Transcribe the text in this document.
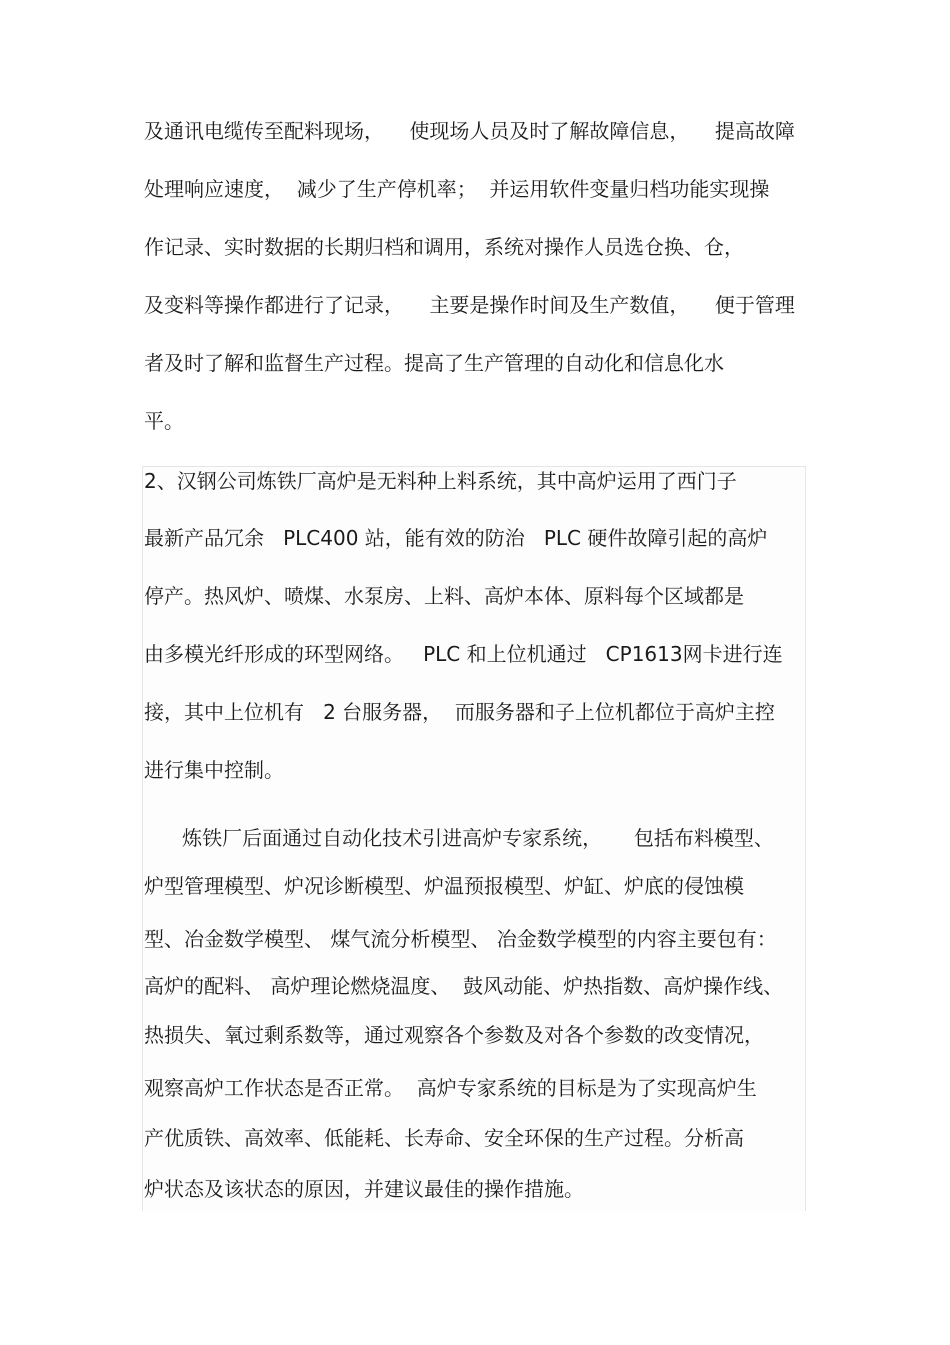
及通讯电缆传至配料现场，    使现场人员及时了解故障信息，    提高故障

处理响应速度，  减少了生产停机率；  并运用软件变量归档功能实现操

作记录、实时数据的长期归档和调用，系统对操作人员选仓换、仓，

及变料等操作都进行了记录，    主要是操作时间及生产数值，    便于管理

者及时了解和监督生产过程。提高了生产管理的自动化和信息化水

平。

2、汉钢公司炼铁厂高炉是无料种上料系统，其中高炉运用了西门子

最新产品冗余   PLC400 站，能有效的防治   PLC 硬件故障引起的高炉

停产。热风炉、喷煤、水泵房、上料、高炉本体、原料每个区域都是

由多模光纤形成的环型网络。   PLC 和上位机通过   CP1613网卡进行连

接，其中上位机有   2 台服务器，  而服务器和子上位机都位于高炉主控

进行集中控制。

炼铁厂后面通过自动化技术引进高炉专家系统，     包括布料模型、

炉型管理模型、炉况诊断模型、炉温预报模型、炉缸、炉底的侵蚀模

型、冶金数学模型、 煤气流分析模型、 冶金数学模型的内容主要包有：

高炉的配料、 高炉理论燃烧温度、  鼓风动能、炉热指数、高炉操作线、

热损失、氧过剩系数等，通过观察各个参数及对各个参数的改变情况，

观察高炉工作状态是否正常。  高炉专家系统的目标是为了实现高炉生

产优质铁、高效率、低能耗、长寿命、安全环保的生产过程。分析高

炉状态及该状态的原因，并建议最佳的操作措施。
